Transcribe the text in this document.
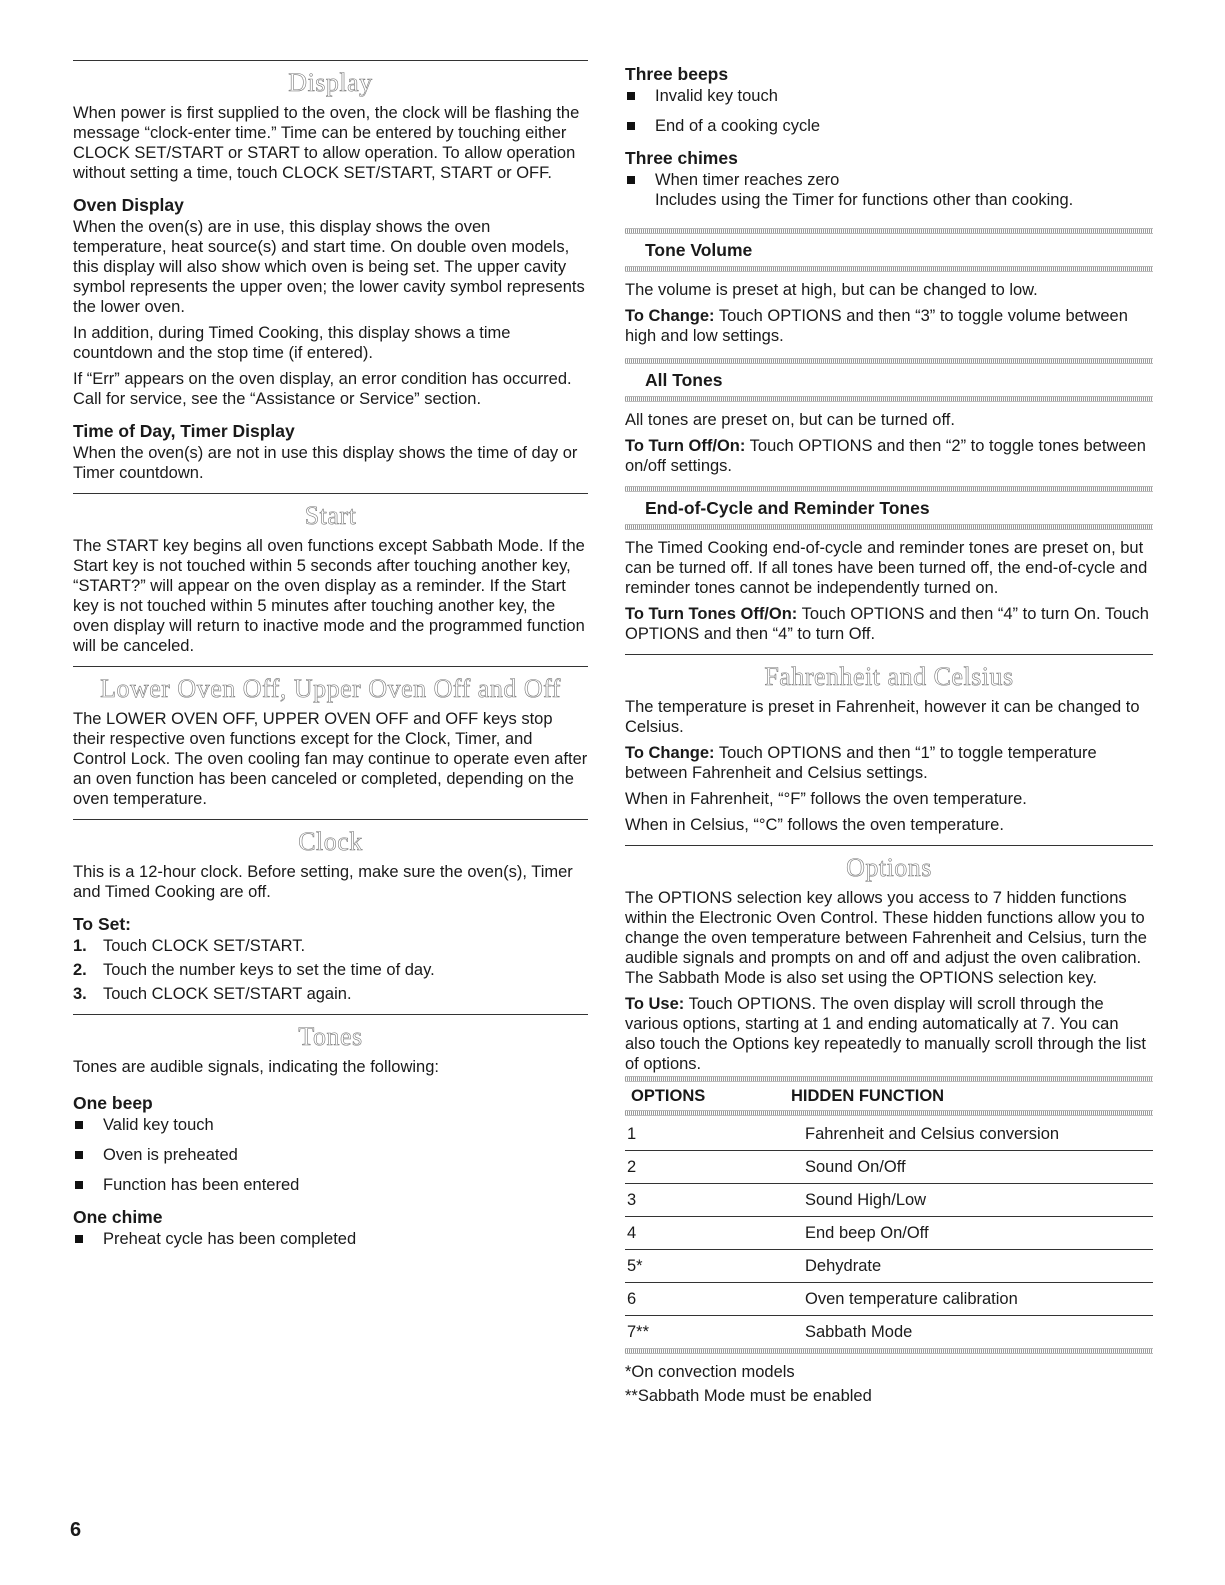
Display

When power is first supplied to the oven, the clock will be flashing the message “clock-enter time.” Time can be entered by touching either CLOCK SET/START or START to allow operation. To allow operation without setting a time, touch CLOCK SET/START, START or OFF.

Oven Display

When the oven(s) are in use, this display shows the oven temperature, heat source(s) and start time. On double oven models, this display will also show which oven is being set. The upper cavity symbol represents the upper oven; the lower cavity symbol represents the lower oven.

In addition, during Timed Cooking, this display shows a time countdown and the stop time (if entered).

If “Err” appears on the oven display, an error condition has occurred. Call for service, see the “Assistance or Service” section.

Time of Day, Timer Display

When the oven(s) are not in use this display shows the time of day or Timer countdown.

Start

The START key begins all oven functions except Sabbath Mode. If the Start key is not touched within 5 seconds after touching another key, “START?” will appear on the oven display as a reminder. If the Start key is not touched within 5 minutes after touching another key, the oven display will return to inactive mode and the programmed function will be canceled.

Lower Oven Off, Upper Oven Off and Off

The LOWER OVEN OFF, UPPER OVEN OFF and OFF keys stop their respective oven functions except for the Clock, Timer, and Control Lock. The oven cooling fan may continue to operate even after an oven function has been canceled or completed, depending on the oven temperature.

Clock

This is a 12-hour clock. Before setting, make sure the oven(s), Timer and Timed Cooking are off.

To Set:
1. Touch CLOCK SET/START.
2. Touch the number keys to set the time of day.
3. Touch CLOCK SET/START again.
Tones

Tones are audible signals, indicating the following:

One beep
Valid key touch
Oven is preheated
Function has been entered
One chime
Preheat cycle has been completed
Three beeps
Invalid key touch
End of a cooking cycle
Three chimes
When timer reaches zero

Includes using the Timer for functions other than cooking.

Tone Volume

The volume is preset at high, but can be changed to low.

To Change: Touch OPTIONS and then “3” to toggle volume between high and low settings.

All Tones

All tones are preset on, but can be turned off.

To Turn Off/On: Touch OPTIONS and then “2” to toggle tones between on/off settings.

End-of-Cycle and Reminder Tones

The Timed Cooking end-of-cycle and reminder tones are preset on, but can be turned off. If all tones have been turned off, the end-of-cycle and reminder tones cannot be independently turned on.

To Turn Tones Off/On: Touch OPTIONS and then “4” to turn On. Touch OPTIONS and then “4” to turn Off.

Fahrenheit and Celsius

The temperature is preset in Fahrenheit, however it can be changed to Celsius.

To Change: Touch OPTIONS and then “1” to toggle temperature between Fahrenheit and Celsius settings.

When in Fahrenheit, “°F” follows the oven temperature.

When in Celsius, “°C” follows the oven temperature.

Options

The OPTIONS selection key allows you access to 7 hidden functions within the Electronic Oven Control. These hidden functions allow you to change the oven temperature between Fahrenheit and Celsius, turn the audible signals and prompts on and off and adjust the oven calibration. The Sabbath Mode is also set using the OPTIONS selection key.

To Use: Touch OPTIONS. The oven display will scroll through the various options, starting at 1 and ending automatically at 7. You can also touch the Options key repeatedly to manually scroll through the list of options.

OPTIONS	HIDDEN FUNCTION
1	Fahrenheit and Celsius conversion
2	Sound On/Off
3	Sound High/Low
4	End beep On/Off
5*	Dehydrate
6	Oven temperature calibration
7**	Sabbath Mode

*On convection models

**Sabbath Mode must be enabled

6
